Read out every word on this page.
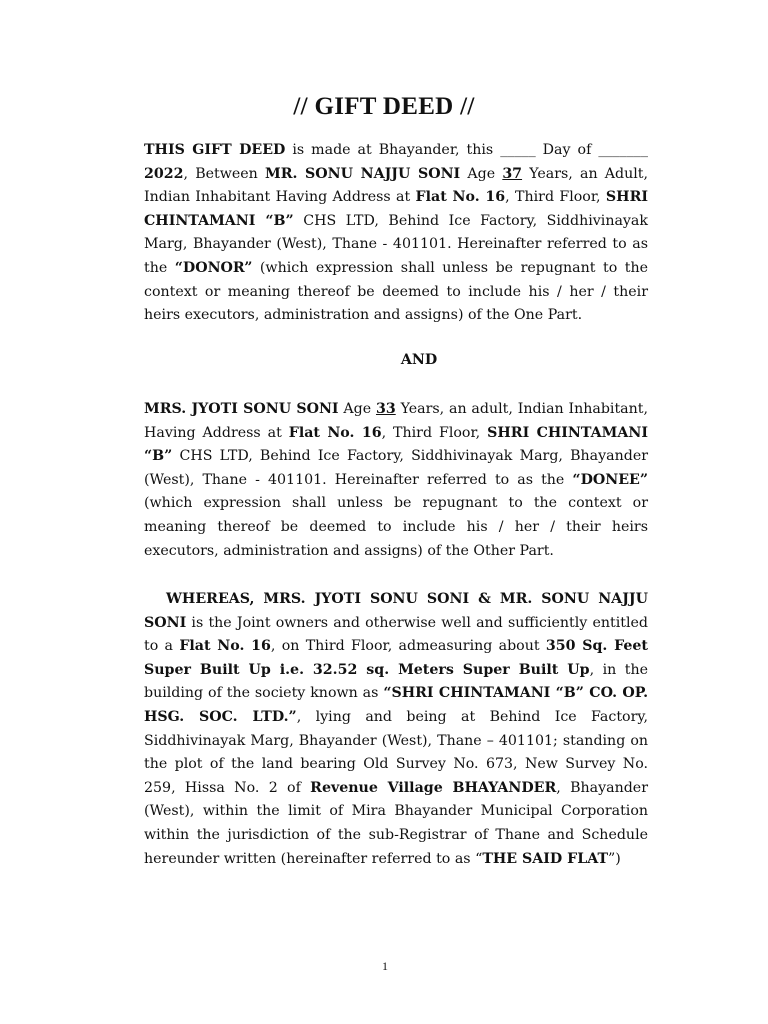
// GIFT DEED //

THIS GIFT DEED is made at Bhayander, this _____ Day of _______ 2022, Between MR. SONU NAJJU SONI Age 37 Years, an Adult, Indian Inhabitant Having Address at Flat No. 16, Third Floor, SHRI CHINTAMANI “B” CHS LTD, Behind Ice Factory, Siddhivinayak Marg, Bhayander (West), Thane - 401101. Hereinafter referred to as the “DONOR” (which expression shall unless be repugnant to the context or meaning thereof be deemed to include his / her / their heirs executors, administration and assigns) of the One Part.

AND

MRS. JYOTI SONU SONI Age 33 Years, an adult, Indian Inhabitant, Having Address at Flat No. 16, Third Floor, SHRI CHINTAMANI “B” CHS LTD, Behind Ice Factory, Siddhivinayak Marg, Bhayander (West), Thane - 401101. Hereinafter referred to as the “DONEE” (which expression shall unless be repugnant to the context or meaning thereof be deemed to include his / her / their heirs executors, administration and assigns) of the Other Part.

WHEREAS, MRS. JYOTI SONU SONI & MR. SONU NAJJU SONI is the Joint owners and otherwise well and sufficiently entitled to a Flat No. 16, on Third Floor, admeasuring about 350 Sq. Feet Super Built Up i.e. 32.52 sq. Meters Super Built Up, in the building of the society known as “SHRI CHINTAMANI “B” CO. OP. HSG. SOC. LTD.”, lying and being at Behind Ice Factory, Siddhivinayak Marg, Bhayander (West), Thane – 401101; standing on the plot of the land bearing Old Survey No. 673, New Survey No. 259, Hissa No. 2 of Revenue Village BHAYANDER, Bhayander (West), within the limit of Mira Bhayander Municipal Corporation within the jurisdiction of the sub-Registrar of Thane and Schedule hereunder written (hereinafter referred to as “THE SAID FLAT”)

1
